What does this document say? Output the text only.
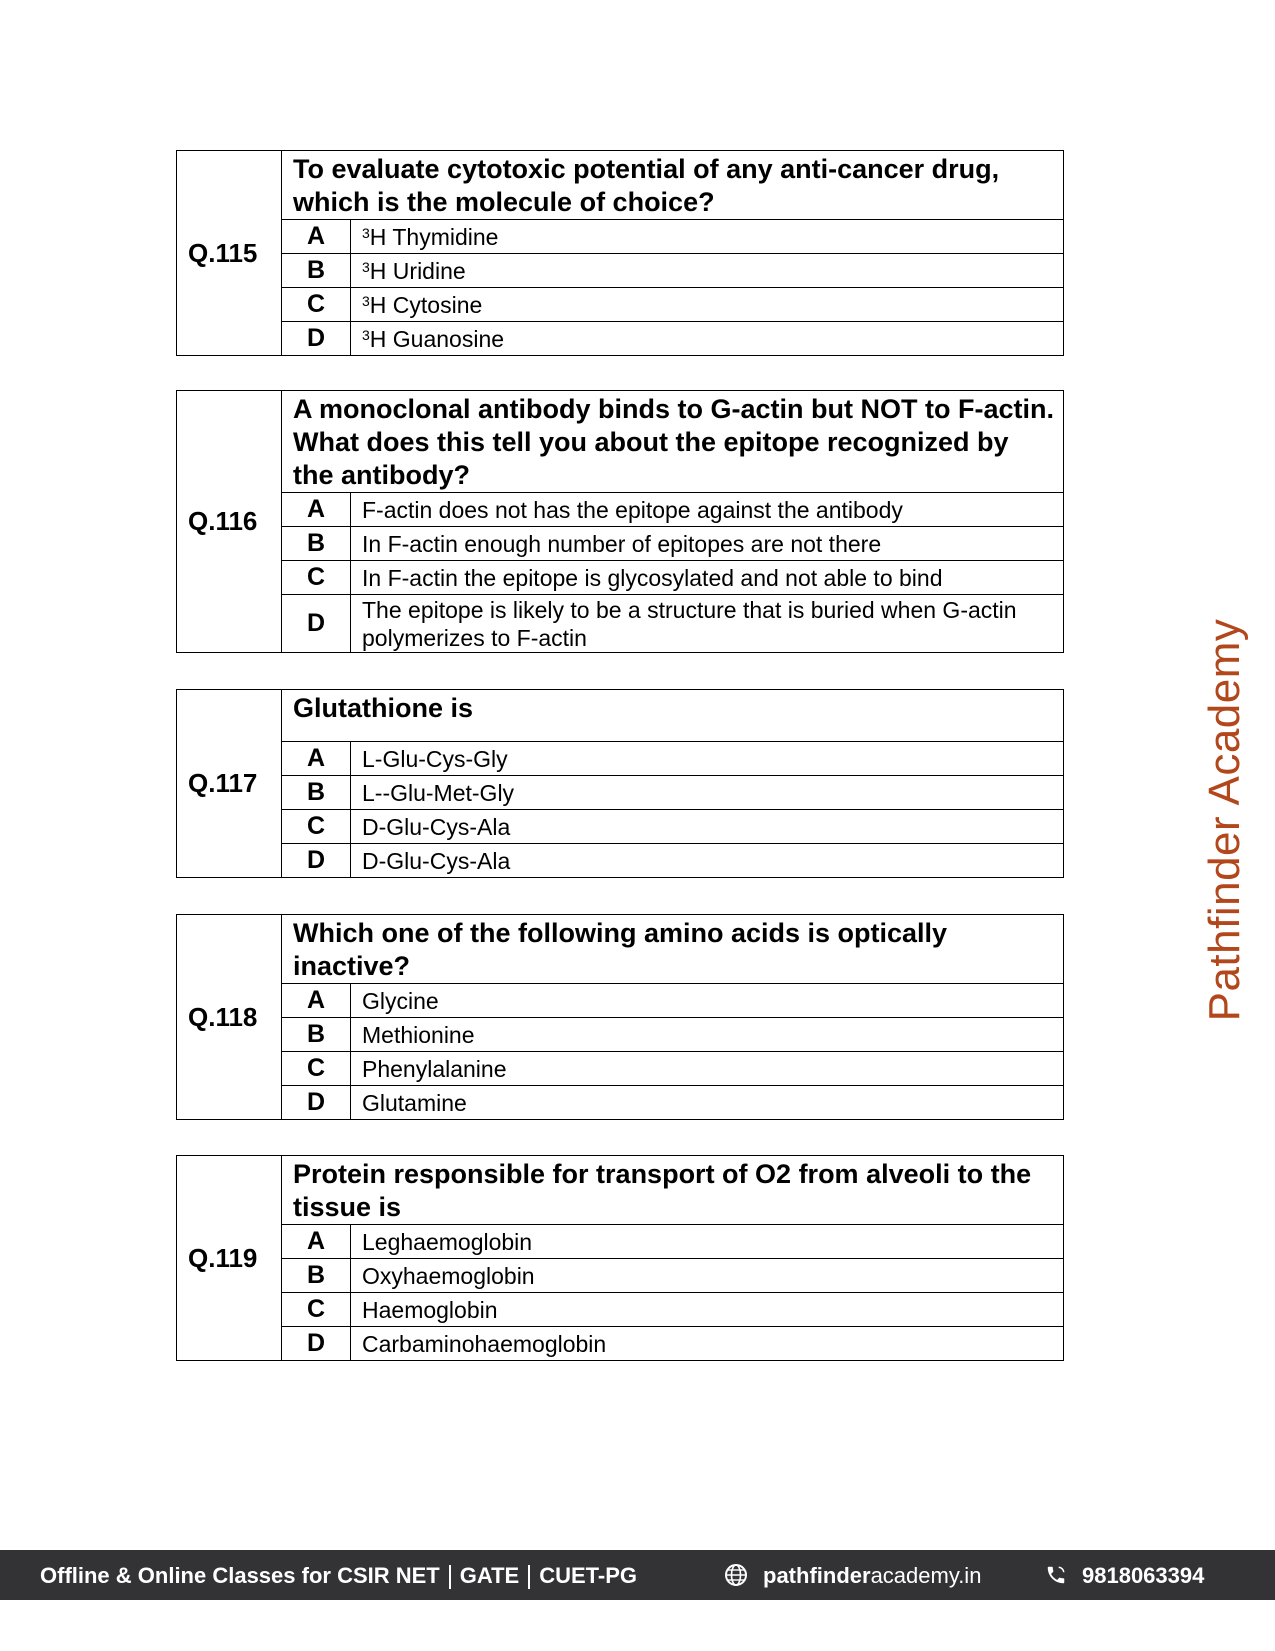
Q.115	To evaluate cytotoxic potential of any anti-cancer drug, which is the molecule of choice?	
	A	$^3$H Thymidine
	B	$^3$H Uridine
	C	$^3$H Cytosine
	D	$^3$H Guanosine
Q.116	A monoclonal antibody binds to G-actin but NOT to F-actin. What does this tell you about the epitope recognized by the antibody?	
	A	F-actin does not has the epitope against the antibody
	B	In F-actin enough number of epitopes are not there
	C	In F-actin the epitope is glycosylated and not able to bind
	D	The epitope is likely to be a structure that is buried when G-actin polymerizes to F-actin
Q.117	Glutathione is	
	A	L-Glu-Cys-Gly
	B	L--Glu-Met-Gly
	C	D-Glu-Cys-Ala
	D	D-Glu-Cys-Ala
Q.118	Which one of the following amino acids is optically inactive?	
	A	Glycine
	B	Methionine
	C	Phenylalanine
	D	Glutamine
Q.119	Protein responsible for transport of O2 from alveoli to the tissue is	
	A	Leghaemoglobin
	B	Oxyhaemoglobin
	C	Haemoglobin
	D	Carbaminohaemoglobin
Pathfinder Academy
Offline & Online Classes for CSIR NET GATE CUET-PG	pathfinderacademy.in	9818063394
